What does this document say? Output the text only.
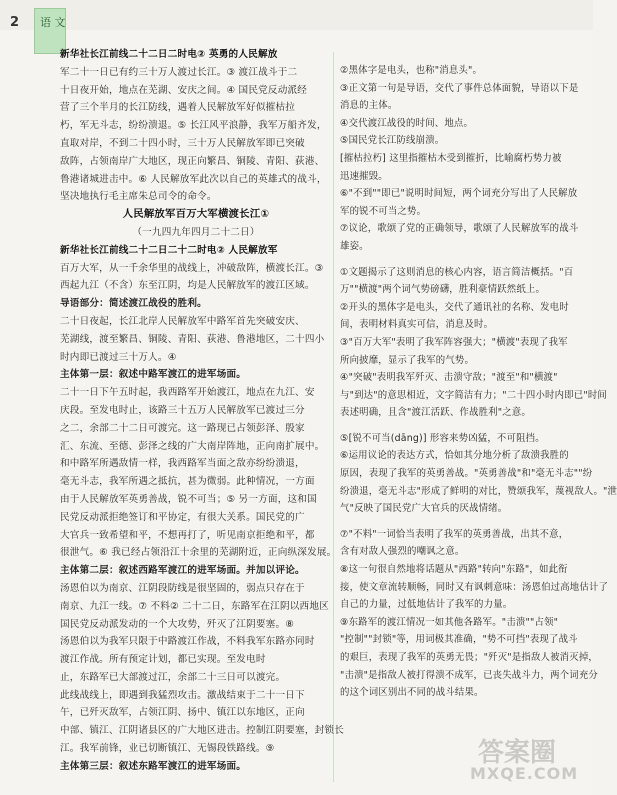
2 语 文
新华社长江前线二十二日二时电② 英勇的人民解放
军二十一日已有约三十万人渡过长江。③ 渡江战斗于二
十日夜开始，地点在芜湖、安庆之间。④ 国民党反动派经
营了三个半月的长江防线，遇着人民解放军好似摧枯拉
朽，军无斗志，纷纷溃退。⑤ 长江风平浪静，我军万船齐发，
直取对岸，不到二十四小时，三十万人民解放军即已突破
敌阵，占领南岸广大地区，现正向繁昌、铜陵、青阳、荻港、
鲁港诸城进击中。⑥ 人民解放军此次以自己的英雄式的战斗，
坚决地执行毛主席朱总司令的命令。
人民解放军百万大军横渡长江①
（一九四九年四月二十二日）
新华社长江前线二十二日二十二时电② 人民解放军
百万大军，从一千余华里的战线上，冲破敌阵，横渡长江。③
西起九江（不含）东至江阴，均是人民解放军的渡江区域。
导语部分：简述渡江战役的胜利。
二十日夜起，长江北岸人民解放军中路军首先突破安庆、
芜湖线，渡至繁昌、铜陵、青阳、荻港、鲁港地区，二十四小
时内即已渡过三十万人。④
主体第一层：叙述中路军渡江的进军场面。
二十一日下午五时起，我西路军开始渡江，地点在九江、安
庆段。至发电时止，该路三十五万人民解放军已渡过三分
之二，余部二十二日可渡完。这一路现已占领彭泽、殷家
汇、东流、至德、彭泽之线的广大南岸阵地，正向南扩展中。
和中路军所遇敌情一样，我西路军当面之敌亦纷纷溃退，
毫无斗志，我军所遇之抵抗，甚为微弱。此种情况，一方面
由于人民解放军英勇善战，锐不可当；⑤ 另一方面，这和国
民党反动派拒绝签订和平协定，有很大关系。国民党的广
大官兵一致希望和平，不想再打了，听见南京拒绝和平，都
很泄气。⑥ 我已经占领沿江十余里的芜湖附近，正向纵深发展。
主体第二层：叙述西路军渡江的进军场面。并加以评论。
汤恩伯以为南京、江阴段防线是很坚固的，弱点只存在于
南京、九江一线。⑦ 不料② 二十二日，东路军在江阴以西地区
国民党反动派发动的一个大攻势，歼灭了江阴要塞。⑧
汤恩伯以为我军只限于中路渡江作战，不料我军东路亦同时
渡江作战。所有预定计划，都已实现。至发电时
止，东路军已大部渡过江，余部二十三日可以渡完。
此线战线上，即遇到我猛烈攻击。激战结束于二十一日下
午，已歼灭敌军，占领江阴、扬中、镇江以东地区，正向
中部、镇江、江阴诸县区的广大地区进击。控制江阴要塞，封锁长
江。我军前锋，业已切断镇江、无锡段铁路线。⑨
主体第三层：叙述东路军渡江的进军场面。
②黑体字是电头，也称"消息头"。
③正文第一句是导语，交代了事件总体面貌，导语以下是
消息的主体。
④交代渡江战役的时间、地点。
⑤国民党长江防线崩溃。
[摧枯拉朽] 这里指摧枯木受到摧折，比喻腐朽势力被
迅速摧毁。
⑥"不到""即已"说明时间短，两个词充分写出了人民解放
军的锐不可当之势。
⑦议论，歌颂了党的正确领导，歌颂了人民解放军的战斗
雄姿。
①文题揭示了这则消息的核心内容，语言简洁概括。"百
万""横渡"两个词气势磅礴，胜利豪情跃然纸上。
②开头的黑体字是电头，交代了通讯社的名称、发电时
间，表明材料真实可信，消息及时。
③"百万大军"表明了我军阵容强大；"横渡"表现了我军
所向披靡，显示了我军的气势。
④"突破"表明我军歼灭、击溃守敌；"渡至"和"横渡"
与"到达"的意思相近，文字简洁有力；"二十四小时内即已"时间
表述明确，且含"渡江活跃、作战胜利"之意。
⑤[锐不可当(dāng)] 形容来势凶猛，不可阻挡。
⑥运用议论的表达方式，恰如其分地分析了敌溃我胜的
原因，表现了我军的英勇善战。"英勇善战"和"毫无斗志""纷
纷溃退，毫无斗志"形成了鲜明的对比，赞颂我军，蔑视敌人。"泄
气"反映了国民党广大官兵的厌战情绪。
⑦"不料"一词恰当表明了我军的英勇善战，出其不意，
含有对敌人强烈的嘲讽之意。
⑧这一句很自然地将话题从"西路"转向"东路"，如此衔
接，使文章流转顺畅，同时又有讽刺意味：汤恩伯过高地估计了
自己的力量，过低地估计了我军的力量。
⑨东路军的渡江情况一如其他各路军。"击溃""占领"
"控制""封锁"等，用词极其准确，"势不可挡"表现了战斗
的艰巨，表现了我军的英勇无畏；"歼灭"是指敌人被消灭掉，
"击溃"是指敌人被打得溃不成军，已丧失战斗力，两个词充分
的这个词区别出不同的战斗结果。
答案圈
MXQE.COM
